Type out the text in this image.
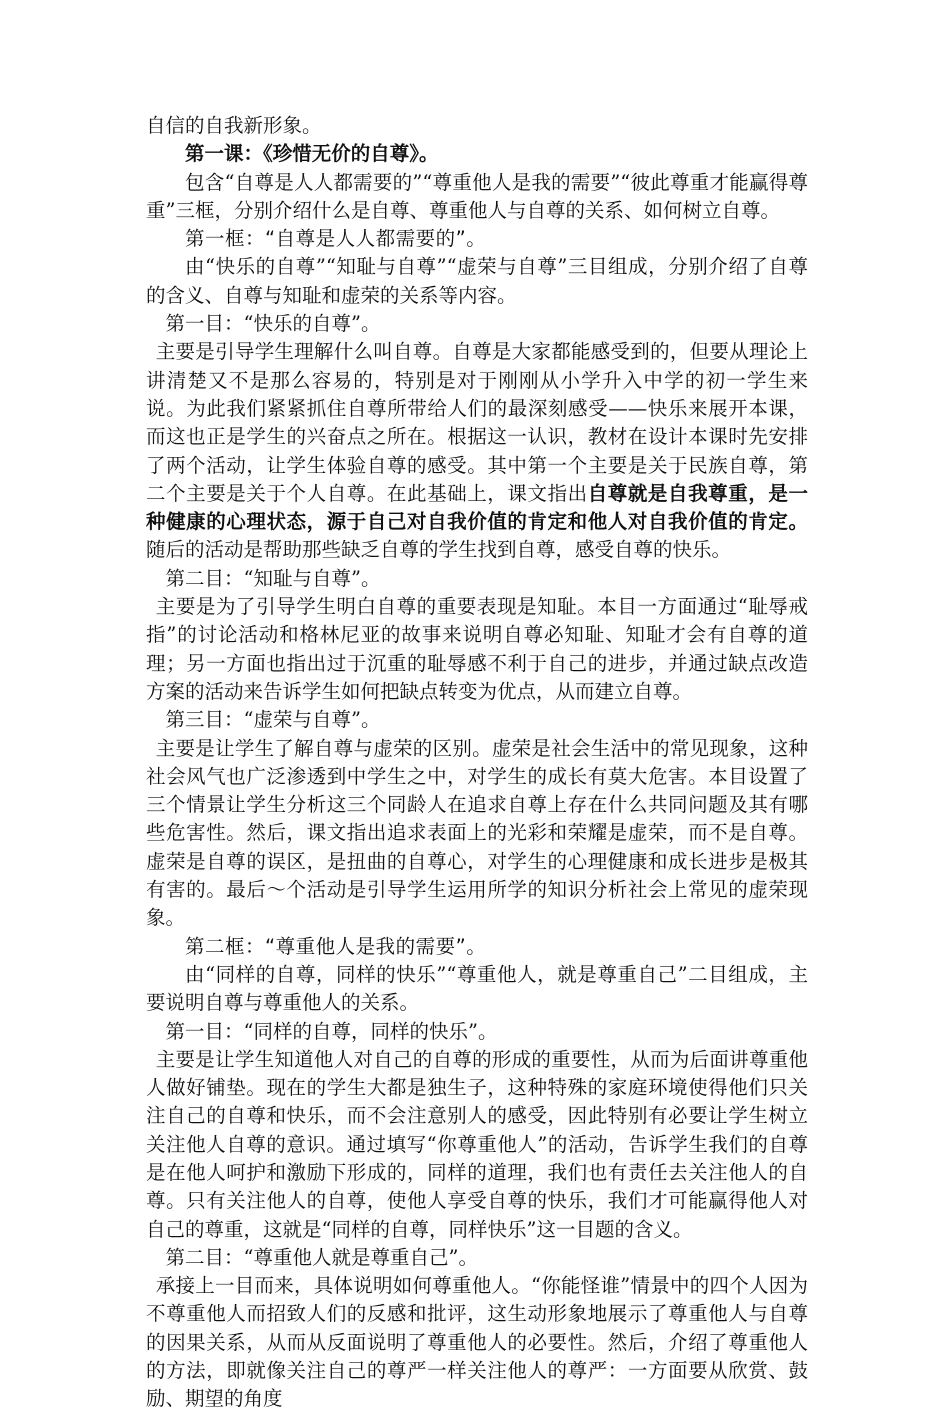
自信的自我新形象。

第一课：《珍惜无价的自尊》。

包含“自尊是人人都需要的”“尊重他人是我的需要”“彼此尊重才能赢得尊重”三框，分别介绍什么是自尊、尊重他人与自尊的关系、如何树立自尊。

第一框：“自尊是人人都需要的”。

由“快乐的自尊”“知耻与自尊”“虚荣与自尊”三目组成，分别介绍了自尊的含义、自尊与知耻和虚荣的关系等内容。

第一目：“快乐的自尊”。

主要是引导学生理解什么叫自尊。自尊是大家都能感受到的，但要从理论上讲清楚又不是那么容易的，特别是对于刚刚从小学升入中学的初一学生来说。为此我们紧紧抓住自尊所带给人们的最深刻感受——快乐来展开本课，而这也正是学生的兴奋点之所在。根据这一认识，教材在设计本课时先安排了两个活动，让学生体验自尊的感受。其中第一个主要是关于民族自尊，第二个主要是关于个人自尊。在此基础上，课文指出自尊就是自我尊重，是一种健康的心理状态，源于自己对自我价值的肯定和他人对自我价值的肯定。随后的活动是帮助那些缺乏自尊的学生找到自尊，感受自尊的快乐。

第二目：“知耻与自尊”。

主要是为了引导学生明白自尊的重要表现是知耻。本目一方面通过“耻辱戒指”的讨论活动和格林尼亚的故事来说明自尊必知耻、知耻才会有自尊的道理；另一方面也指出过于沉重的耻辱感不利于自己的进步，并通过缺点改造方案的活动来告诉学生如何把缺点转变为优点，从而建立自尊。

第三目：“虚荣与自尊”。

主要是让学生了解自尊与虚荣的区别。虚荣是社会生活中的常见现象，这种社会风气也广泛渗透到中学生之中，对学生的成长有莫大危害。本目设置了三个情景让学生分析这三个同龄人在追求自尊上存在什么共同问题及其有哪些危害性。然后，课文指出追求表面上的光彩和荣耀是虚荣，而不是自尊。虚荣是自尊的误区，是扭曲的自尊心，对学生的心理健康和成长进步是极其有害的。最后～个活动是引导学生运用所学的知识分析社会上常见的虚荣现象。

第二框：“尊重他人是我的需要”。

由“同样的自尊，同样的快乐”“尊重他人，就是尊重自己”二目组成，主要说明自尊与尊重他人的关系。

第一目：“同样的自尊，同样的快乐”。

主要是让学生知道他人对自己的自尊的形成的重要性，从而为后面讲尊重他人做好铺垫。现在的学生大都是独生子，这种特殊的家庭环境使得他们只关注自己的自尊和快乐，而不会注意别人的感受，因此特别有必要让学生树立关注他人自尊的意识。通过填写“你尊重他人”的活动，告诉学生我们的自尊是在他人呵护和激励下形成的，同样的道理，我们也有责任去关注他人的自尊。只有关注他人的自尊，使他人享受自尊的快乐，我们才可能赢得他人对自己的尊重，这就是“同样的自尊，同样快乐”这一目题的含义。

第二目：“尊重他人就是尊重自己”。

承接上一目而来，具体说明如何尊重他人。“你能怪谁”情景中的四个人因为不尊重他人而招致人们的反感和批评，这生动形象地展示了尊重他人与自尊的因果关系，从而从反面说明了尊重他人的必要性。然后，介绍了尊重他人的方法，即就像关注自己的尊严一样关注他人的尊严：一方面要从欣赏、鼓励、期望的角度
